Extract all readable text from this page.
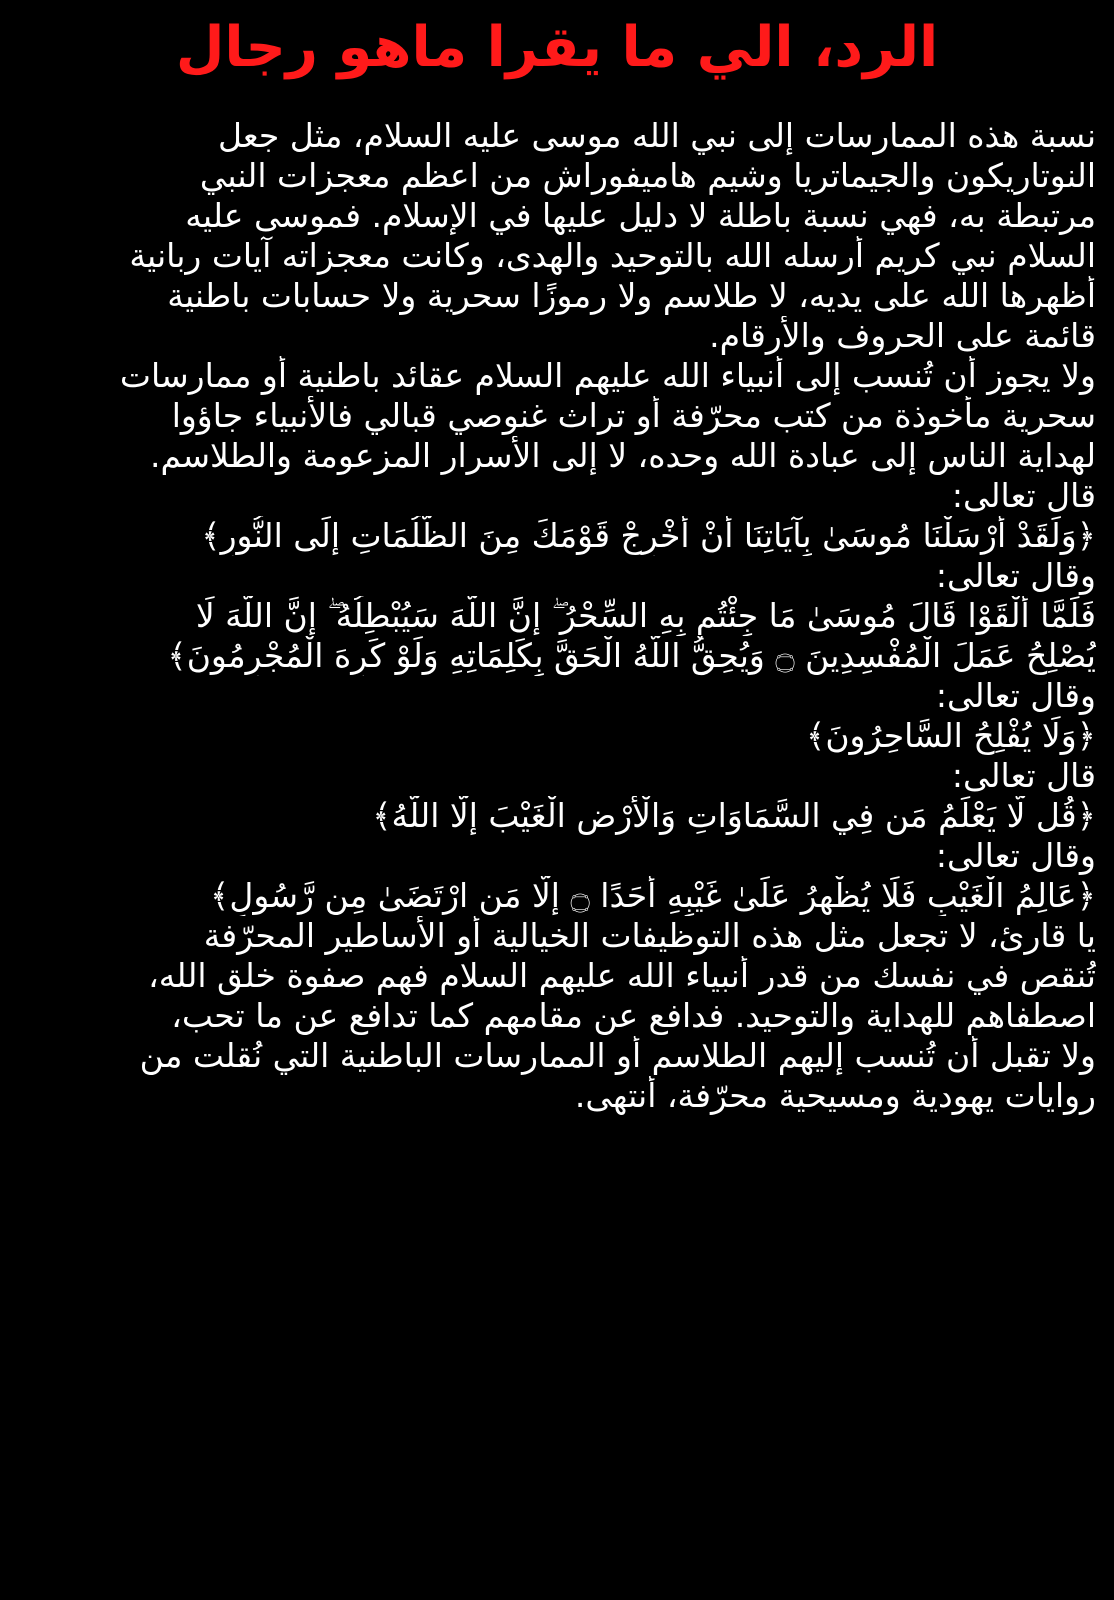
الرد، الي ما يقرا ماهو رجال
نسبة هذه الممارسات إلى نبي الله موسى عليه السلام، مثل جعل
النوتاريكون والجيماتريا وشيم هاميفوراش من اعظم معجزات النبي
مرتبطة به، فهي نسبة باطلة لا دليل عليها في الإسلام. فموسى عليه
السلام نبي كريم أرسله الله بالتوحيد والهدى، وكانت معجزاته آيات ربانية
أظهرها الله على يديه، لا طلاسم ولا رموزًا سحرية ولا حسابات باطنية
قائمة على الحروف والأرقام.
ولا يجوز أن تُنسب إلى أنبياء الله عليهم السلام عقائد باطنية أو ممارسات
سحرية مأخوذة من كتب محرّفة أو تراث غنوصي قبالي فالأنبياء جاؤوا
لهداية الناس إلى عبادة الله وحده، لا إلى الأسرار المزعومة والطلاسم.
قال تعالى:
﴿وَلَقَدْ أَرْسَلْنَا مُوسَىٰ بِآيَاتِنَا أَنْ أَخْرِجْ قَوْمَكَ مِنَ الظُّلُمَاتِ إِلَى النُّورِ﴾
وقال تعالى:
فَلَمَّا أَلْقَوْا قَالَ مُوسَىٰ مَا جِئْتُم بِهِ السِّحْرُ ۖ إِنَّ اللَّهَ سَيُبْطِلُهُ ۖ إِنَّ اللَّهَ لَا
يُصْلِحُ عَمَلَ الْمُفْسِدِينَ ۝ وَيُحِقُّ اللَّهُ الْحَقَّ بِكَلِمَاتِهِ وَلَوْ كَرِهَ الْمُجْرِمُونَ﴾
وقال تعالى:
﴿وَلَا يُفْلِحُ السَّاحِرُونَ﴾
قال تعالى:
﴿قُل لَّا يَعْلَمُ مَن فِي السَّمَاوَاتِ وَالْأَرْضِ الْغَيْبَ إِلَّا اللَّهُ﴾
وقال تعالى:
﴿عَالِمُ الْغَيْبِ فَلَا يُظْهِرُ عَلَىٰ غَيْبِهِ أَحَدًا ۝ إِلَّا مَنِ ارْتَضَىٰ مِن رَّسُولٍ﴾
يا قارئ، لا تجعل مثل هذه التوظيفات الخيالية أو الأساطير المحرّفة
تُنقص في نفسك من قدر أنبياء الله عليهم السلام فهم صفوة خلق الله،
اصطفاهم للهداية والتوحيد. فدافع عن مقامهم كما تدافع عن ما تحب،
ولا تقبل أن تُنسب إليهم الطلاسم أو الممارسات الباطنية التي نُقلت من
روايات يهودية ومسيحية محرّفة، أنتهى.
